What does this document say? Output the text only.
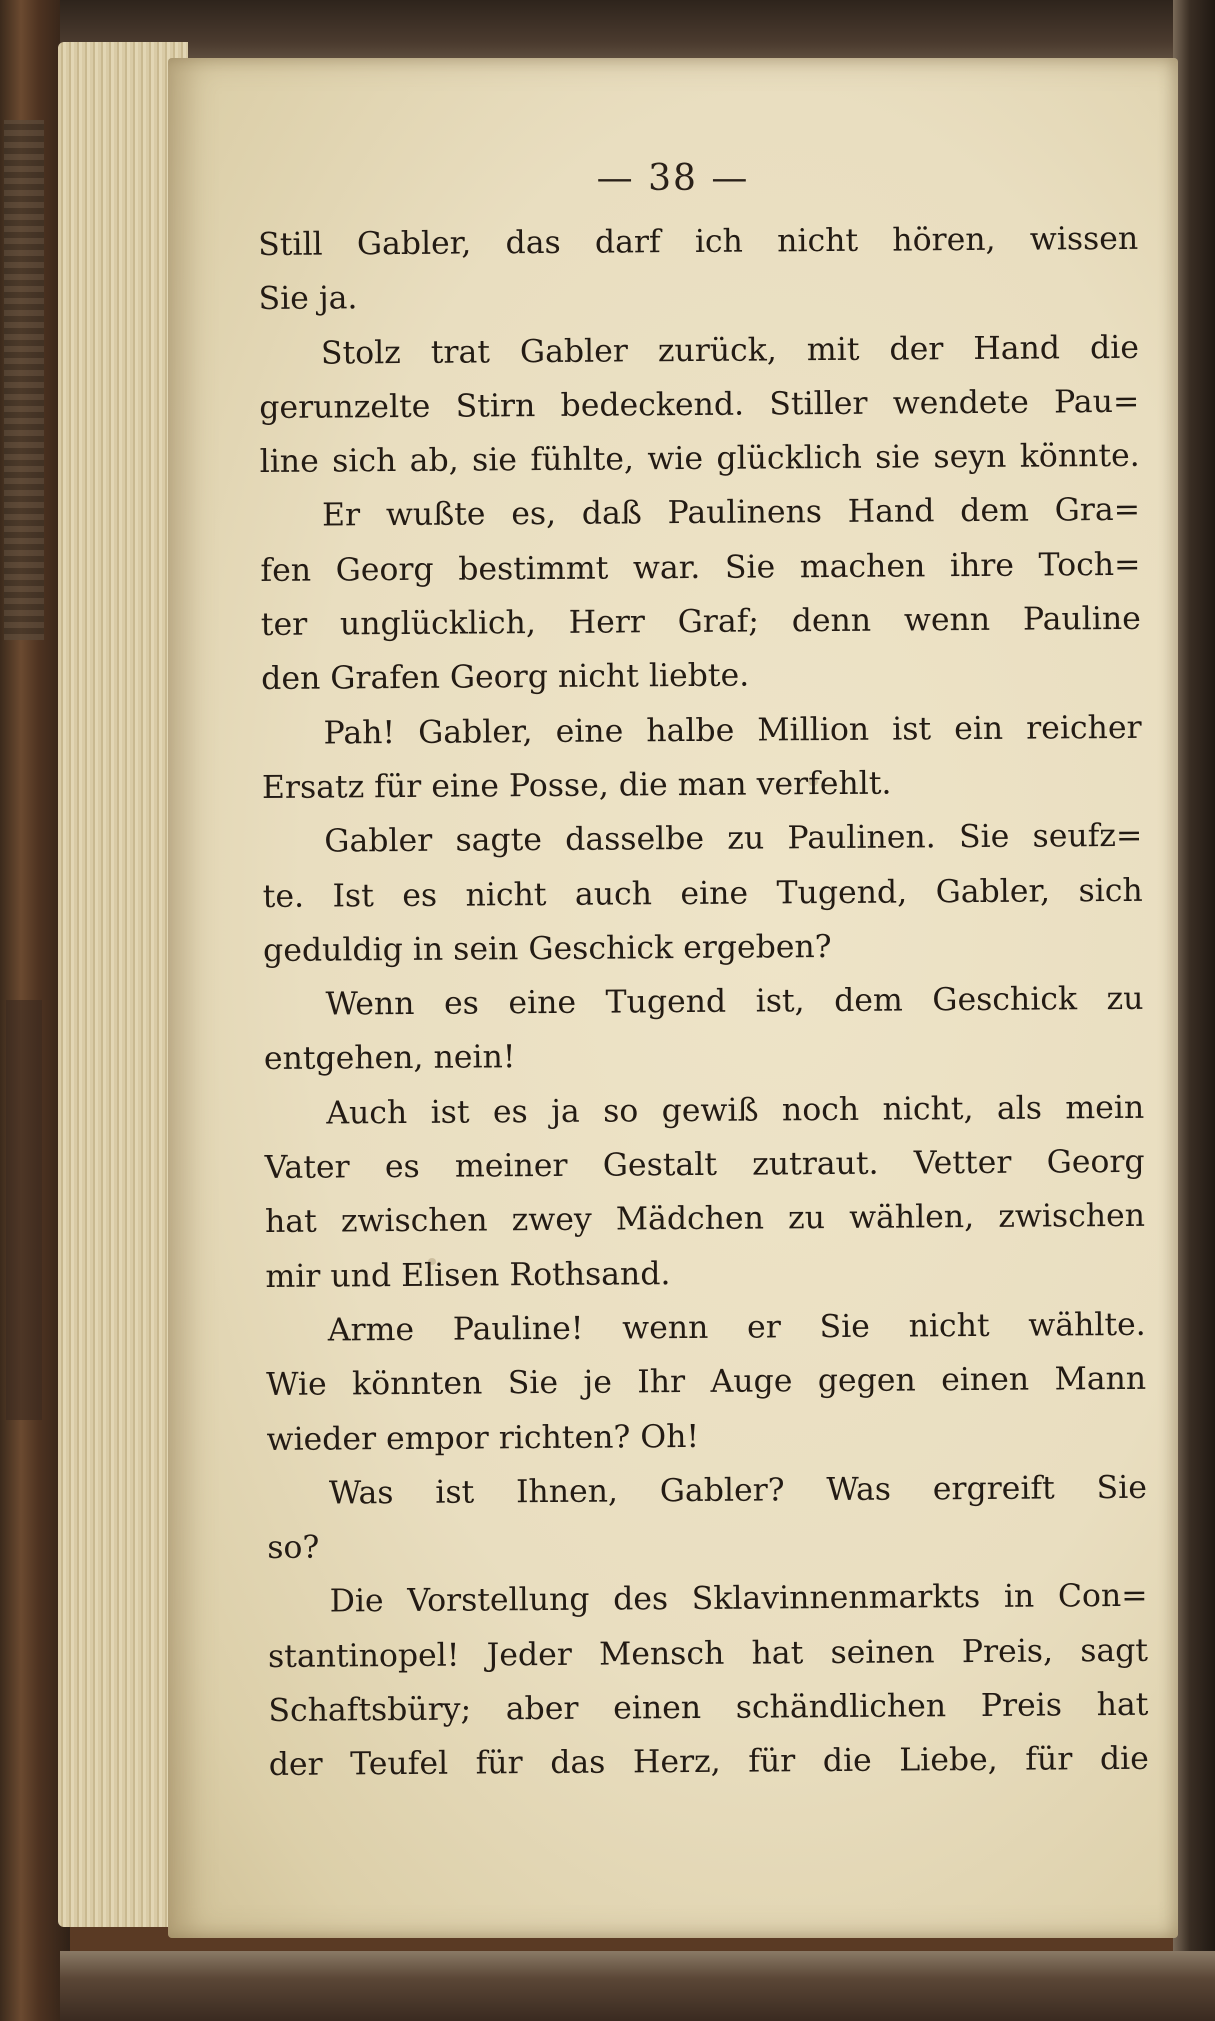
— 38 —
Still Gabler, das darf ich nicht hören, wissen
Sie ja.
Stolz trat Gabler zurück, mit der Hand die
gerunzelte Stirn bedeckend. Stiller wendete Pau=
line sich ab, sie fühlte, wie glücklich sie seyn könnte.
Er wußte es, daß Paulinens Hand dem Gra=
fen Georg bestimmt war. Sie machen ihre Toch=
ter unglücklich, Herr Graf; denn wenn Pauline
den Grafen Georg nicht liebte.
Pah! Gabler, eine halbe Million ist ein reicher
Ersatz für eine Posse, die man verfehlt.
Gabler sagte dasselbe zu Paulinen. Sie seufz=
te. Ist es nicht auch eine Tugend, Gabler, sich
geduldig in sein Geschick ergeben?
Wenn es eine Tugend ist, dem Geschick zu
entgehen, nein!
Auch ist es ja so gewiß noch nicht, als mein
Vater es meiner Gestalt zutraut. Vetter Georg
hat zwischen zwey Mädchen zu wählen, zwischen
mir und Elisen Rothsand.
Arme Pauline! wenn er Sie nicht wählte.
Wie könnten Sie je Ihr Auge gegen einen Mann
wieder empor richten? Oh!
Was ist Ihnen, Gabler? Was ergreift Sie
so?
Die Vorstellung des Sklavinnenmarkts in Con=
stantinopel! Jeder Mensch hat seinen Preis, sagt
Schaftsbüry; aber einen schändlichen Preis hat
der Teufel für das Herz, für die Liebe, für die
